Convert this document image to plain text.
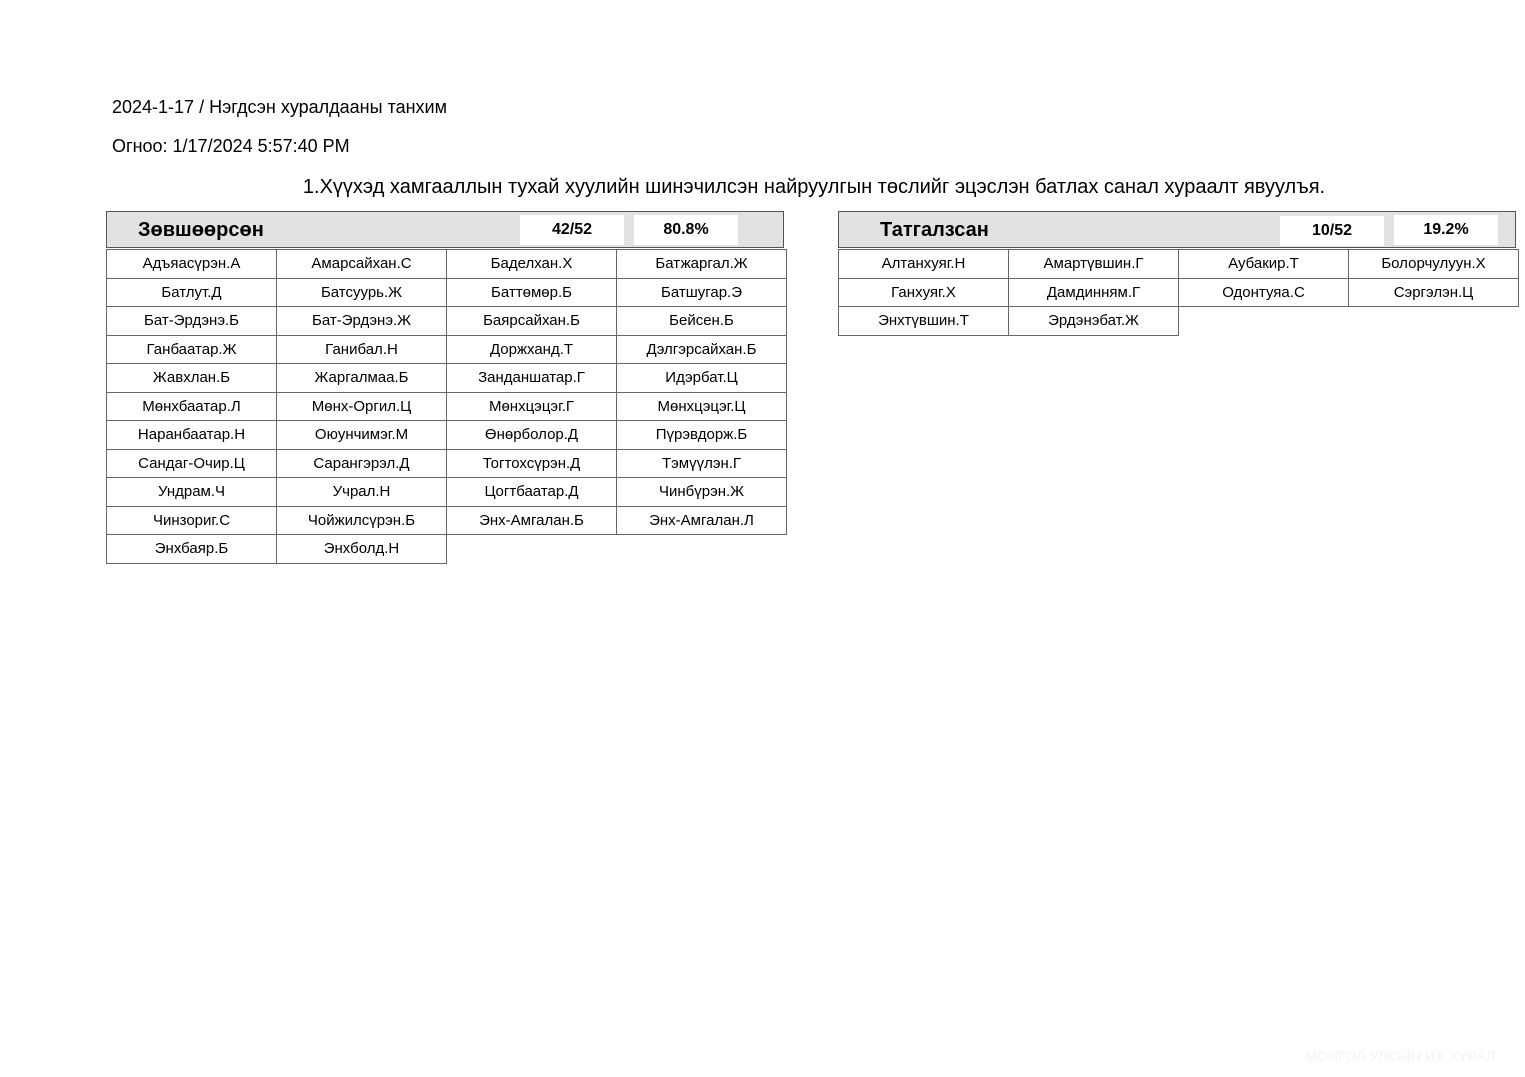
2024-1-17 / Нэгдсэн хуралдааны танхим
Огноо: 1/17/2024 5:57:40 PM
1.Хүүхэд хамгааллын тухай хуулийн шинэчилсэн найруулгын төслийг эцэслэн батлах санал хураалт явуулъя.
Зөвшөөрсөн	42/52	80.8%
Адъяасүрэн.А	Амарсайхан.С	Баделхан.Х	Батжаргал.Ж
Батлут.Д	Батсуурь.Ж	Баттөмөр.Б	Батшугар.Э
Бат-Эрдэнэ.Б	Бат-Эрдэнэ.Ж	Баярсайхан.Б	Бейсен.Б
Ганбаатар.Ж	Ганибал.Н	Доржханд.Т	Дэлгэрсайхан.Б
Жавхлан.Б	Жаргалмаа.Б	Занданшатар.Г	Идэрбат.Ц
Мөнхбаатар.Л	Мөнх-Оргил.Ц	Мөнхцэцэг.Г	Мөнхцэцэг.Ц
Наранбаатар.Н	Оюунчимэг.М	Өнөрболор.Д	Пүрэвдорж.Б
Сандаг-Очир.Ц	Сарангэрэл.Д	Тогтохсүрэн.Д	Тэмүүлэн.Г
Ундрам.Ч	Учрал.Н	Цогтбаатар.Д	Чинбүрэн.Ж
Чинзориг.С	Чойжилсүрэн.Б	Энх-Амгалан.Б	Энх-Амгалан.Л
Энхбаяр.Б	Энхболд.Н
Татгалзсан	10/52	19.2%
Алтанхуяг.Н	Амартүвшин.Г	Аубакир.Т	Болорчулуун.Х
Ганхуяг.Х	Дамдинням.Г	Одонтуяа.С	Сэргэлэн.Ц
Энхтүвшин.Т	Эрдэнэбат.Ж
МОНГОЛ УЛСЫН ИХ ХУРАЛ
